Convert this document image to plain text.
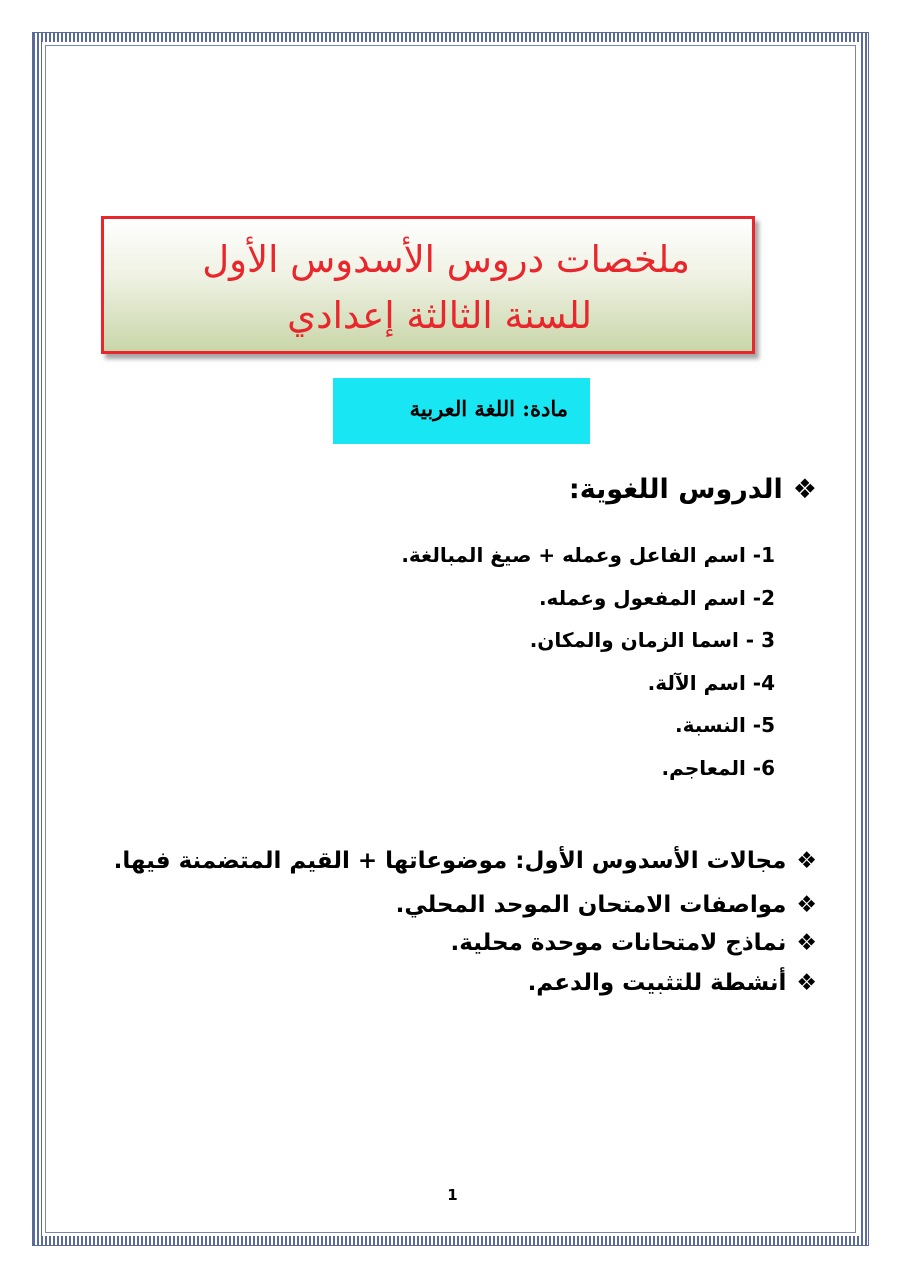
ملخصات دروس الأسدوس الأول
للسنة الثالثة إعدادي
مادة: اللغة العربية
❖الدروس اللغوية:
1- اسم الفاعل وعمله + صيغ المبالغة.
2- اسم المفعول وعمله.
3 - اسما الزمان والمكان.
4- اسم الآلة.
5- النسبة.
6- المعاجم.
❖مجالات الأسدوس الأول: موضوعاتها + القيم المتضمنة فيها.
❖مواصفات الامتحان الموحد المحلي.
❖نماذج لامتحانات موحدة محلية.
❖أنشطة للتثبيت والدعم.
1
